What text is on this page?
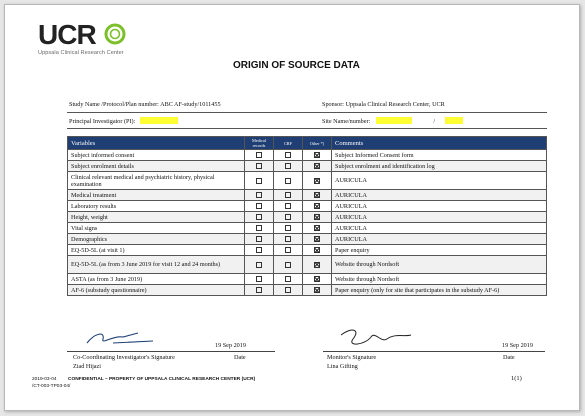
UCR
Uppsala Clinical Research Center
ORIGIN OF SOURCE DATA
Study Name /Protocol/Plan number: ABC AF-study/1011455	Sponsor: Uppsala Clinical Research Center, UCR
Principal Investigator (PI):	Site Name/number:	/
Variables	Medical records	CRF	Other *)	Comments
Subject informed consent				Subject Informed Consent form
Subject enrolment details				Subject enrolment and identification log
Clinical relevant medical and psychiatric history, physical examination				AURICULA
Medical treatment				AURICULA
Laboratory results				AURICULA
Height, weight				AURICULA
Vital signs				AURICULA
Demographics				AURICULA
EQ-5D-5L (at visit 1)				Paper enquiry
EQ-5D-5L (as from 3 June 2019 for visit 12 and 24 months)				Website through Nordsoft
ASTA (as from 3 June 2019)				Website through Nordsoft
AF-6 (substudy questionnaire)				Paper enquiry (only for site that participates in the substudy AF-6)
19 Sep 2019
Co-Coordinating Investigator's Signature	Date
Ziad Hijazi
19 Sep 2019
Monitor's Signature	Date
Lina Gifting
2019-03-04 CONFIDENTIAL – PROPERTY OF UPPSALA CLINICAL RESEARCH CENTER (UCR)
/CT-003-TP03-04/
1(1)
